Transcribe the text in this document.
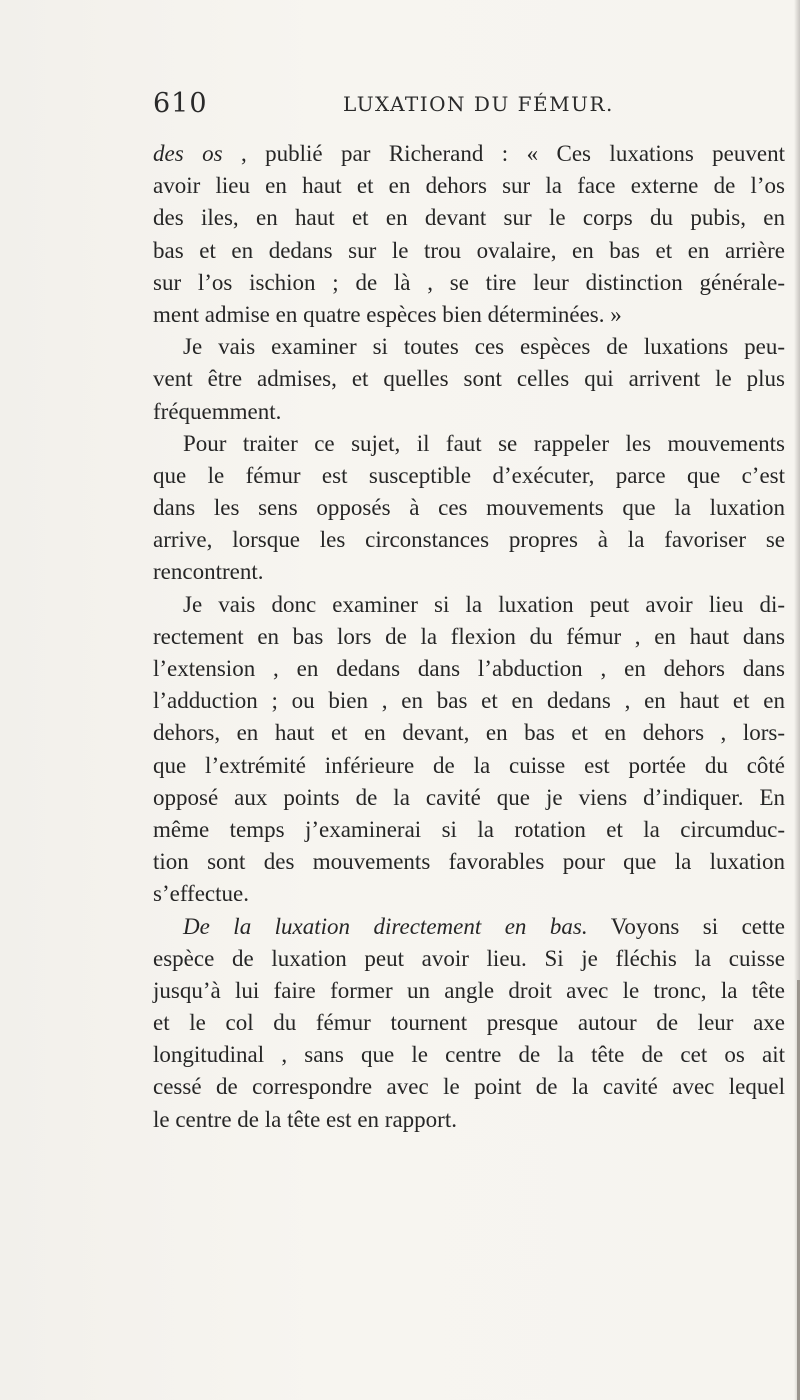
610	LUXATION DU FÉMUR.
des os , publié par Richerand : « Ces luxations peuvent
avoir lieu en haut et en dehors sur la face externe de l’os
des iles, en haut et en devant sur le corps du pubis, en
bas et en dedans sur le trou ovalaire, en bas et en arrière
sur l’os ischion ; de là , se tire leur distinction générale-
ment admise en quatre espèces bien déterminées. »
Je vais examiner si toutes ces espèces de luxations peu-
vent être admises, et quelles sont celles qui arrivent le plus
fréquemment.
Pour traiter ce sujet, il faut se rappeler les mouvements
que le fémur est susceptible d’exécuter, parce que c’est
dans les sens opposés à ces mouvements que la luxation
arrive, lorsque les circonstances propres à la favoriser se
rencontrent.
Je vais donc examiner si la luxation peut avoir lieu di-
rectement en bas lors de la flexion du fémur , en haut dans
l’extension , en dedans dans l’abduction , en dehors dans
l’adduction ; ou bien , en bas et en dedans , en haut et en
dehors, en haut et en devant, en bas et en dehors , lors-
que l’extrémité inférieure de la cuisse est portée du côté
opposé aux points de la cavité que je viens d’indiquer. En
même temps j’examinerai si la rotation et la circumduc-
tion sont des mouvements favorables pour que la luxation
s’effectue.
De la luxation directement en bas. Voyons si cette
espèce de luxation peut avoir lieu. Si je fléchis la cuisse
jusqu’à lui faire former un angle droit avec le tronc, la tête
et le col du fémur tournent presque autour de leur axe
longitudinal , sans que le centre de la tête de cet os ait
cessé de correspondre avec le point de la cavité avec lequel
le centre de la tête est en rapport.
